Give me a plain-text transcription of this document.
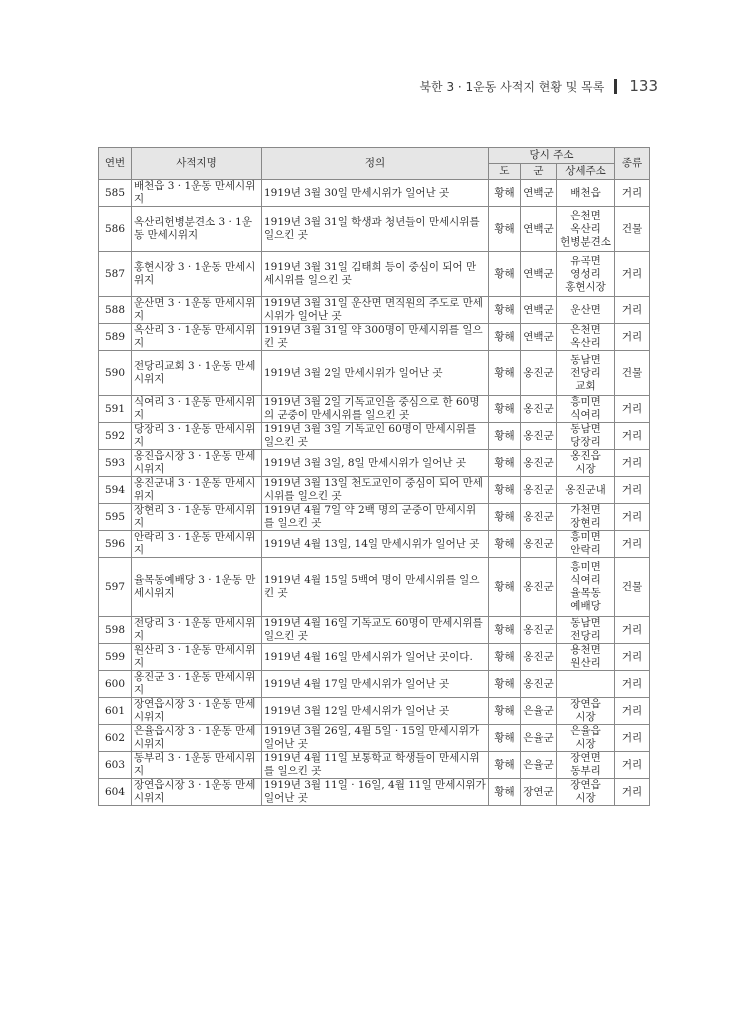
북한 3 · 1운동 사적지 현황 및 목록 133
연번	사적지명	정의	당시 주소			종류
			도	군	상세주소	
585	배천읍 3 · 1운동 만세시위지	1919년 3월 30일 만세시위가 일어난 곳	황해	연백군	배천읍	거리
586	옥산리헌병분견소 3 · 1운동 만세시위지	1919년 3월 31일 학생과 청년들이 만세시위를 일으킨 곳	황해	연백군	은천면
옥산리
헌병분견소	건물
587	홍현시장 3 · 1운동 만세시위지	1919년 3월 31일 김태희 등이 중심이 되어 만세시위를 일으킨 곳	황해	연백군	유곡면
영성리
홍현시장	거리
588	운산면 3 · 1운동 만세시위지	1919년 3월 31일 운산면 면직원의 주도로 만세시위가 일어난 곳	황해	연백군	운산면	거리
589	옥산리 3 · 1운동 만세시위지	1919년 3월 31일 약 300명이 만세시위를 일으킨 곳	황해	연백군	은천면
옥산리	거리
590	전당리교회 3 · 1운동 만세시위지	1919년 3월 2일 만세시위가 일어난 곳	황해	옹진군	동남면
전당리
교회	건물
591	식여리 3 · 1운동 만세시위지	1919년 3월 2일 기독교인을 중심으로 한 60명의 군중이 만세시위를 일으킨 곳	황해	옹진군	흥미면
식여리	거리
592	당장리 3 · 1운동 만세시위지	1919년 3월 3일 기독교인 60명이 만세시위를 일으킨 곳	황해	옹진군	동남면
당장리	거리
593	옹진읍시장 3 · 1운동 만세시위지	1919년 3월 3일, 8일 만세시위가 일어난 곳	황해	옹진군	옹진읍
시장	거리
594	옹진군내 3 · 1운동 만세시위지	1919년 3월 13일 천도교인이 중심이 되어 만세시위를 일으킨 곳	황해	옹진군	옹진군내	거리
595	장현리 3 · 1운동 만세시위지	1919년 4월 7일 약 2백 명의 군중이 만세시위를 일으킨 곳	황해	옹진군	가천면
장현리	거리
596	안락리 3 · 1운동 만세시위지	1919년 4월 13일, 14일 만세시위가 일어난 곳	황해	옹진군	흥미면
안락리	거리
597	율목동예배당 3 · 1운동 만세시위지	1919년 4월 15일 5백여 명이 만세시위를 일으킨 곳	황해	옹진군	흥미면
식여리
율목동
예배당	건물
598	전당리 3 · 1운동 만세시위지	1919년 4월 16일 기독교도 60명이 만세시위를 일으킨 곳	황해	옹진군	동남면
전당리	거리
599	원산리 3 · 1운동 만세시위지	1919년 4월 16일 만세시위가 일어난 곳이다.	황해	옹진군	용천면
원산리	거리
600	옹진군 3 · 1운동 만세시위지	1919년 4월 17일 만세시위가 일어난 곳	황해	옹진군		거리
601	장연읍시장 3 · 1운동 만세시위지	1919년 3월 12일 만세시위가 일어난 곳	황해	은율군	장연읍
시장	거리
602	은율읍시장 3 · 1운동 만세시위지	1919년 3월 26일, 4월 5일 · 15일 만세시위가 일어난 곳	황해	은율군	은율읍
시장	거리
603	동부리 3 · 1운동 만세시위지	1919년 4월 11일 보통학교 학생들이 만세시위를 일으킨 곳	황해	은율군	장연면
동부리	거리
604	장연읍시장 3 · 1운동 만세시위지	1919년 3월 11일 · 16일, 4월 11일 만세시위가 일어난 곳	황해	장연군	장연읍
시장	거리
